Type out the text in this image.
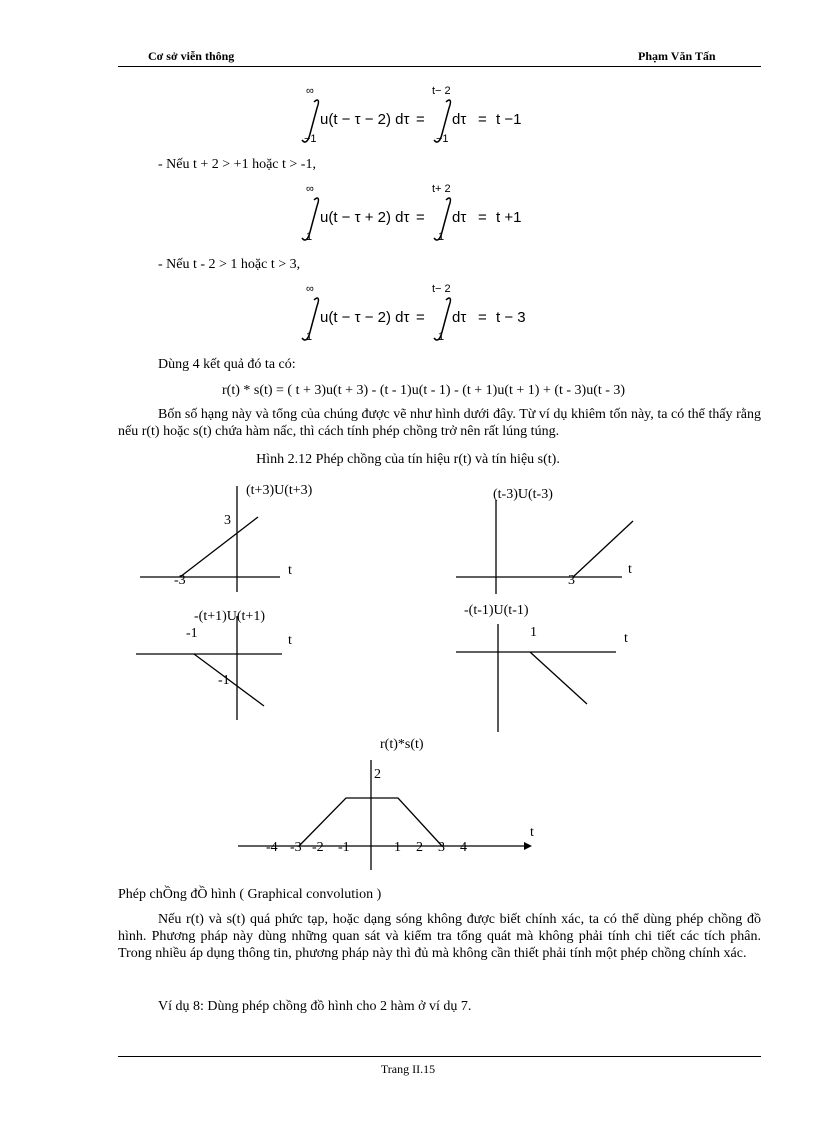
Cơ sở viễn thông	Phạm Văn Tấn
∞
−1
u(t − τ − 2) dτ =
t− 2
−1
dτ = t −1
- Nếu t + 2 > +1 hoặc t > -1,
∞
1
u(t − τ + 2) dτ =
t+ 2
1
dτ = t +1
- Nếu t - 2 > 1 hoặc t > 3,
∞
1
u(t − τ − 2) dτ =
t− 2
1
dτ = t − 3
Dùng 4 kết quả đó ta có:
r(t) * s(t) = ( t + 3)u(t + 3) - (t - 1)u(t - 1) - (t + 1)u(t + 1) + (t - 3)u(t - 3)
Bốn số hạng này và tổng của chúng được vẽ như hình dưới đây. Từ ví dụ khiêm tốn này, ta có thể thấy rằng nếu r(t) hoặc s(t) chứa hàm nấc, thì cách tính phép chồng trở nên rất lúng túng.
Hình 2.12 Phép chồng của tín hiệu r(t) và tín hiệu s(t).
(t+3)U(t+3)
3
t
-3
(t-3)U(t-3)
t
3
-(t+1)U(t+1)
-1	t
-1
-(t-1)U(t-1)
1	t
r(t)*s(t)
2
t
-4 -3 -2 -1	1 2 3 4
Phép chỒng đỒ hình ( Graphical convolution )
Nếu r(t) và s(t) quá phức tạp, hoặc dạng sóng không được biết chính xác, ta có thể dùng phép chồng đồ hình. Phương pháp này dùng những quan sát và kiểm tra tổng quát mà không phải tính chi tiết các tích phân. Trong nhiều áp dụng thông tin, phương pháp này thì đủ mà không cần thiết phải tính một phép chồng chính xác.
Ví dụ 8: Dùng phép chồng đồ hình cho 2 hàm ở ví dụ 7.
Trang II.15
